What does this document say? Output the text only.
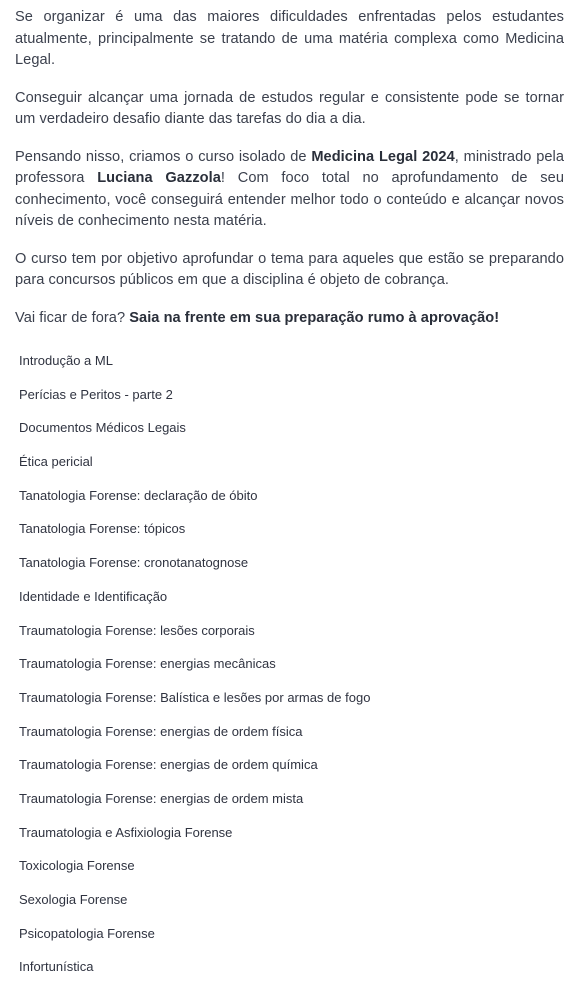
Se organizar é uma das maiores dificuldades enfrentadas pelos estudantes atualmente, principalmente se tratando de uma matéria complexa como Medicina Legal.

Conseguir alcançar uma jornada de estudos regular e consistente pode se tornar um verdadeiro desafio diante das tarefas do dia a dia.

Pensando nisso, criamos o curso isolado de Medicina Legal 2024, ministrado pela professora Luciana Gazzola! Com foco total no aprofundamento de seu conhecimento, você conseguirá entender melhor todo o conteúdo e alcançar novos níveis de conhecimento nesta matéria.

O curso tem por objetivo aprofundar o tema para aqueles que estão se preparando para concursos públicos em que a disciplina é objeto de cobrança.

Vai ficar de fora? Saia na frente em sua preparação rumo à aprovação!

Introdução a ML
Perícias e Peritos - parte 2
Documentos Médicos Legais
Ética pericial
Tanatologia Forense: declaração de óbito
Tanatologia Forense: tópicos
Tanatologia Forense: cronotanatognose
Identidade e Identificação
Traumatologia Forense: lesões corporais
Traumatologia Forense: energias mecânicas
Traumatologia Forense: Balística e lesões por armas de fogo
Traumatologia Forense: energias de ordem física
Traumatologia Forense: energias de ordem química
Traumatologia Forense: energias de ordem mista
Traumatologia e Asfixiologia Forense
Toxicologia Forense
Sexologia Forense
Psicopatologia Forense
Infortunística
